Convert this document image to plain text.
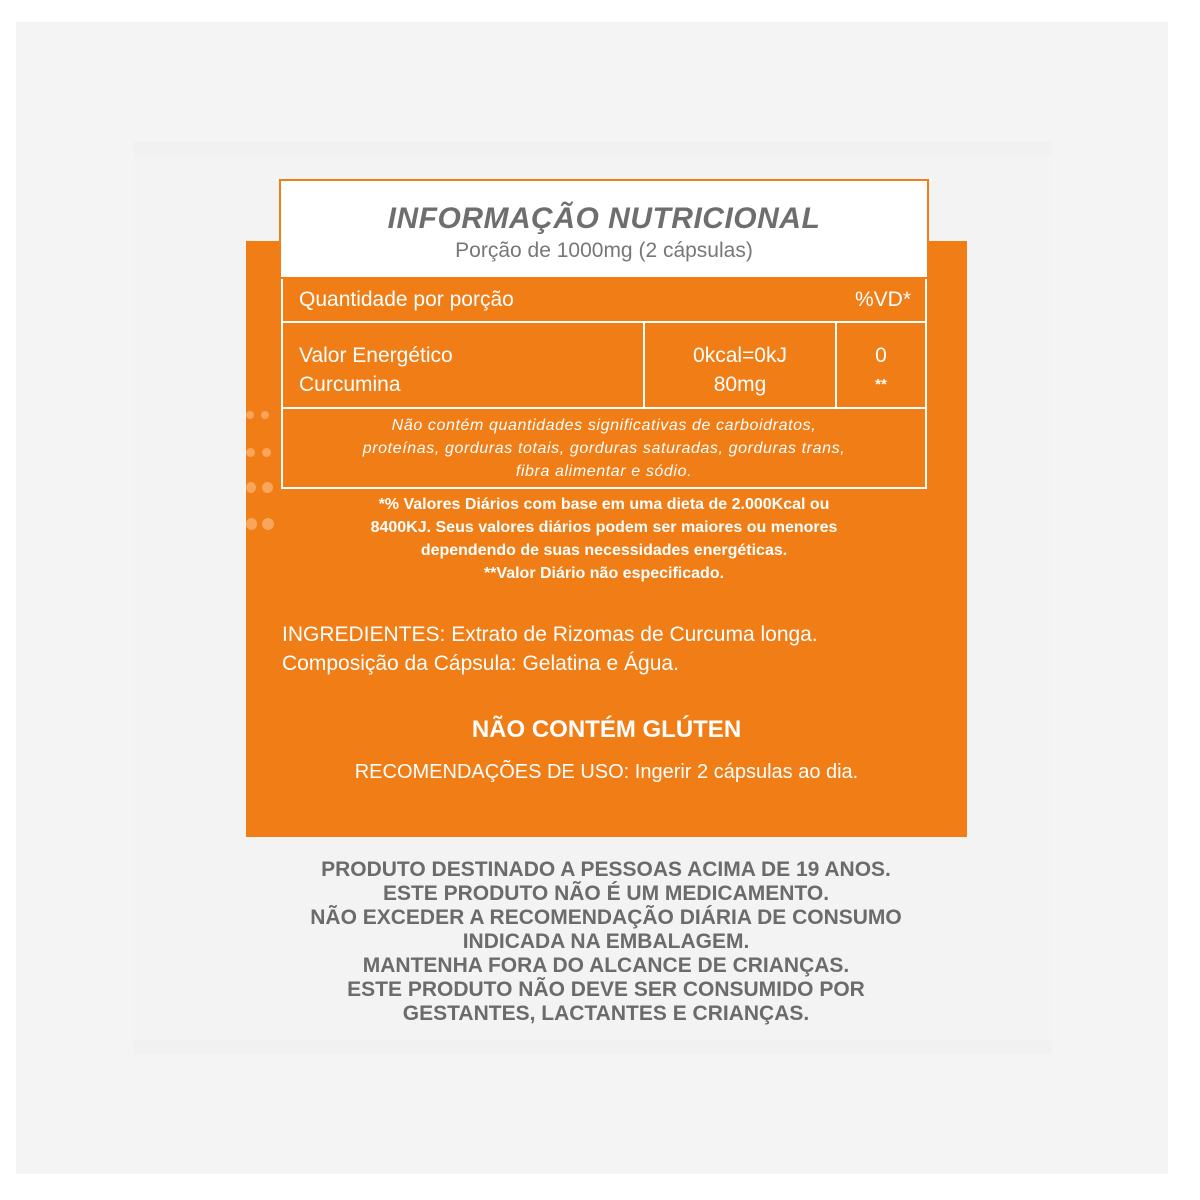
INFORMAÇÃO NUTRICIONAL
Porção de 1000mg (2 cápsulas)
Quantidade por porção	%VD*
Valor Energético
Curcumina
0kcal=0kJ
80mg
0
**
Não contém quantidades significativas de carboidratos,
proteínas, gorduras totais, gorduras saturadas, gorduras trans,
fibra alimentar e sódio.
*% Valores Diários com base em uma dieta de 2.000Kcal ou
8400KJ. Seus valores diários podem ser maiores ou menores
dependendo de suas necessidades energéticas.
**Valor Diário não especificado.
INGREDIENTES: Extrato de Rizomas de Curcuma longa.
Composição da Cápsula: Gelatina e Água.
NÃO CONTÉM GLÚTEN
RECOMENDAÇÕES DE USO: Ingerir 2 cápsulas ao dia.
PRODUTO DESTINADO A PESSOAS ACIMA DE 19 ANOS.
ESTE PRODUTO NÃO É UM MEDICAMENTO.
NÃO EXCEDER A RECOMENDAÇÃO DIÁRIA DE CONSUMO
INDICADA NA EMBALAGEM.
MANTENHA FORA DO ALCANCE DE CRIANÇAS.
ESTE PRODUTO NÃO DEVE SER CONSUMIDO POR
GESTANTES, LACTANTES E CRIANÇAS.
